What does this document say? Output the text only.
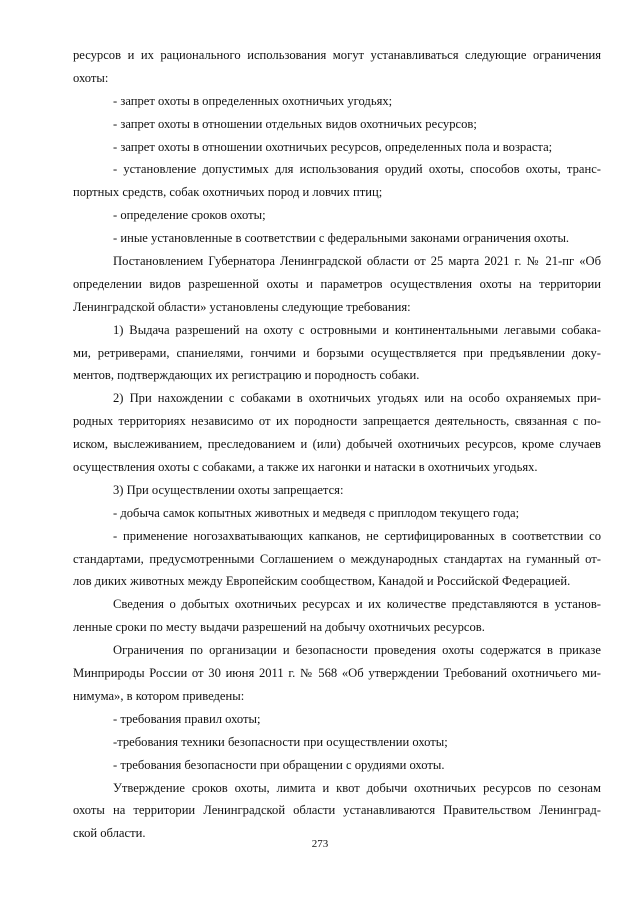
ресурсов и их рационального использования могут устанавливаться следующие ограничения
охоты:
- запрет охоты в определенных охотничьих угодьях;
- запрет охоты в отношении отдельных видов охотничьих ресурсов;
- запрет охоты в отношении охотничьих ресурсов, определенных пола и возраста;
- установление допустимых для использования орудий охоты, способов охоты, транс-
портных средств, собак охотничьих пород и ловчих птиц;
- определение сроков охоты;
- иные установленные в соответствии с федеральными законами ограничения охоты.
Постановлением Губернатора Ленинградской области от 25 марта 2021 г. № 21-пг «Об
определении видов разрешенной охоты и параметров осуществления охоты на территории
Ленинградской области» установлены следующие требования:
1) Выдача разрешений на охоту с островными и континентальными легавыми собака-
ми, ретриверами, спаниелями, гончими и борзыми осуществляется при предъявлении доку-
ментов, подтверждающих их регистрацию и породность собаки.
2) При нахождении с собаками в охотничьих угодьях или на особо охраняемых при-
родных территориях независимо от их породности запрещается деятельность, связанная с по-
иском, выслеживанием, преследованием и (или) добычей охотничьих ресурсов, кроме случаев
осуществления охоты с собаками, а также их нагонки и натаски в охотничьих угодьях.
3) При осуществлении охоты запрещается:
- добыча самок копытных животных и медведя с приплодом текущего года;
- применение ногозахватывающих капканов, не сертифицированных в соответствии со
стандартами, предусмотренными Соглашением о международных стандартах на гуманный от-
лов диких животных между Европейским сообществом, Канадой и Российской Федерацией.
Сведения о добытых охотничьих ресурсах и их количестве представляются в установ-
ленные сроки по месту выдачи разрешений на добычу охотничьих ресурсов.
Ограничения по организации и безопасности проведения охоты содержатся в приказе
Минприроды России от 30 июня 2011 г. № 568 «Об утверждении Требований охотничьего ми-
нимума», в котором приведены:
- требования правил охоты;
-требования техники безопасности при осуществлении охоты;
- требования безопасности при обращении с орудиями охоты.
Утверждение сроков охоты, лимита и квот добычи охотничьих ресурсов по сезонам
охоты на территории Ленинградской области устанавливаются Правительством Ленинград-
ской области.
273
